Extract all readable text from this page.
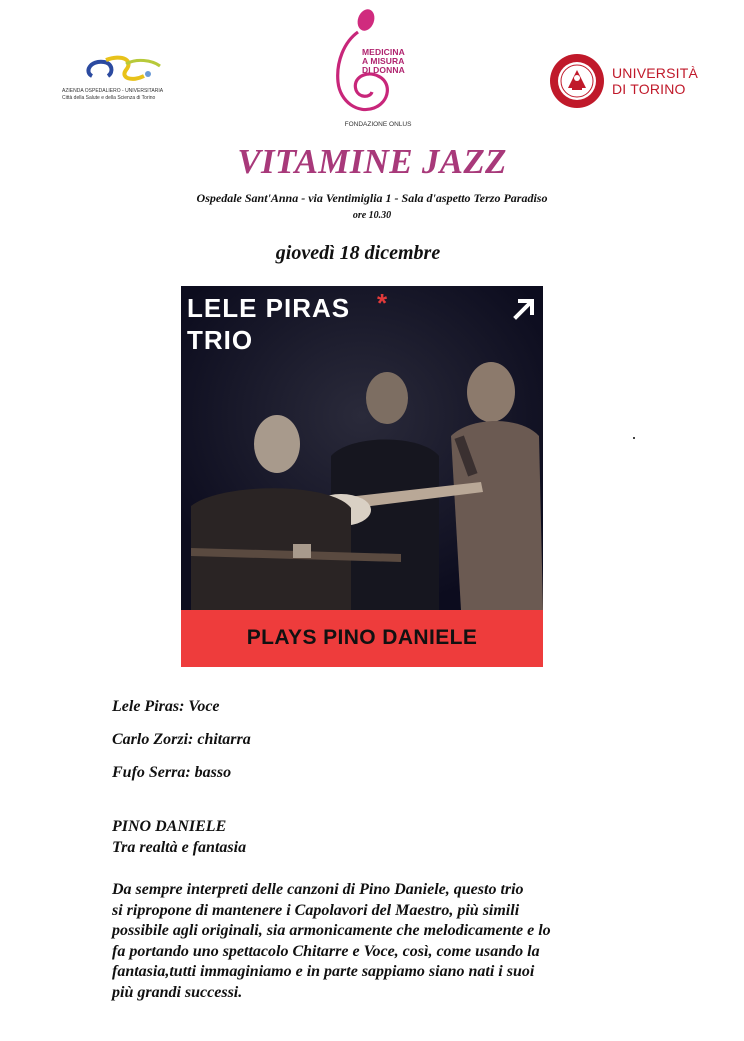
AZIENDA OSPEDALIERO - UNIVERSITARIA
Città della Salute e della Scienza di Torino
MEDICINA
A MISURA
DI DONNA
FONDAZIONE ONLUS
UNIVERSITÀ
DI TORINO
VITAMINE JAZZ
Ospedale Sant'Anna - via Ventimiglia 1 - Sala d'aspetto Terzo Paradiso
ore 10.30
giovedì 18 dicembre
LELE PIRAS
TRIO
*
PLAYS PINO DANIELE
Lele Piras: Voce
Carlo Zorzi: chitarra
Fufo Serra: basso
PINO DANIELE
Tra realtà e fantasia
Da sempre interpreti delle canzoni di Pino Daniele, questo trio
si ripropone di mantenere i Capolavori del Maestro, più simili
possibile agli originali, sia armonicamente che melodicamente e lo
fa portando uno spettacolo Chitarre e Voce, così, come usando la
fantasia,tutti immaginiamo e in parte sappiamo siano nati i suoi
più grandi successi.
